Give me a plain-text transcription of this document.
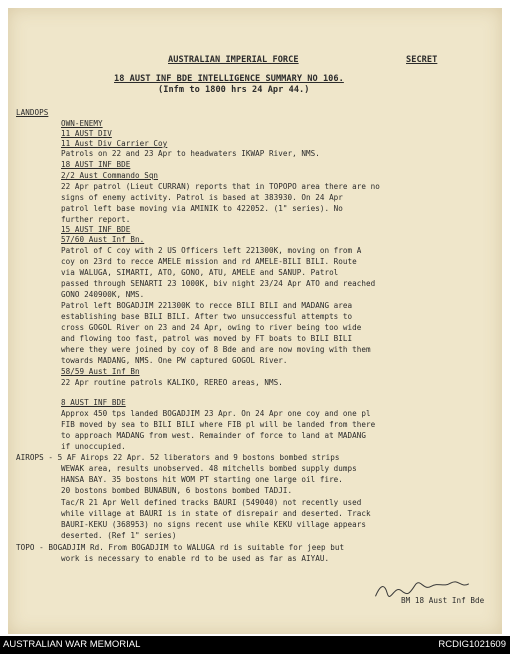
AUSTRALIAN IMPERIAL FORCE	SECRET
18 AUST INF BDE INTELLIGENCE SUMMARY NO 106.
(Infm to 1800 hrs 24 Apr 44.)
LANDOPS
OWN-ENEMY
11 AUST DIV
11 Aust Div Carrier Coy
Patrols on 22 and 23 Apr to headwaters IKWAP River, NMS.
18 AUST INF BDE
2/2 Aust Commando Sqn
22 Apr patrol (Lieut CURRAN) reports that in TOPOPO area there are no
signs of enemy activity. Patrol is based at 383930. On 24 Apr
patrol left base moving via AMINIK to 422052. (1" series). No
further report.
15 AUST INF BDE
57/60 Aust Inf Bn.
Patrol of C coy with 2 US Officers left 221300K, moving on from A
coy on 23rd to recce AMELE mission and rd AMELE-BILI BILI. Route
via WALUGA, SIMARTI, ATO, GONO, ATU, AMELE and SANUP. Patrol
passed through SENARTI 23 1000K, biv night 23/24 Apr ATO and reached
GONO 240900K, NMS.
Patrol left BOGADJIM 221300K to recce BILI BILI and MADANG area
establishing base BILI BILI. After two unsuccessful attempts to
cross GOGOL River on 23 and 24 Apr, owing to river being too wide
and flowing too fast, patrol was moved by FT boats to BILI BILI
where they were joined by coy of 8 Bde and are now moving with them
towards MADANG, NMS. One PW captured GOGOL River.
58/59 Aust Inf Bn
22 Apr routine patrols KALIKO, REREO areas, NMS.
8 AUST INF BDE
Approx 450 tps landed BOGADJIM 23 Apr. On 24 Apr one coy and one pl
FIB moved by sea to BILI BILI where FIB pl will be landed from there
to approach MADANG from west. Remainder of force to land at MADANG
if unoccupied.
AIROPS - 5 AF Airops 22 Apr. 52 liberators and 9 bostons bombed strips
WEWAK area, results unobserved. 48 mitchells bombed supply dumps
HANSA BAY. 35 bostons hit WOM PT starting one large oil fire.
20 bostons bombed BUNABUN, 6 bostons bombed TADJI.
Tac/R 21 Apr Well defined tracks BAURI (549040) not recently used
while village at BAURI is in state of disrepair and deserted. Track
BAURI-KEKU (368953) no signs recent use while KEKU village appears
deserted. (Ref 1" series)
TOPO - BOGADJIM Rd. From BOGADJIM to WALUGA rd is suitable for jeep but
work is necessary to enable rd to be used as far as AIYAU.
BM 18 Aust Inf Bde
AUSTRALIAN WAR MEMORIAL	RCDIG1021609
